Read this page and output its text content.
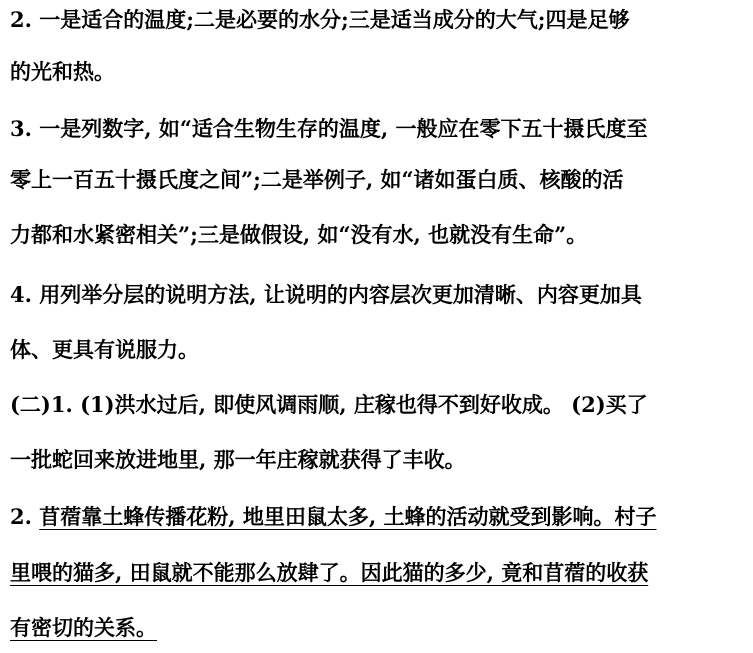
2. 一是适合的温度;二是必要的水分;三是适当成分的大气;四是足够
的光和热。
3. 一是列数字, 如“适合生物生存的温度, 一般应在零下五十摄氏度至
零上一百五十摄氏度之间”;二是举例子, 如“诸如蛋白质、核酸的活
力都和水紧密相关”;三是做假设, 如“没有水, 也就没有生命”。
4. 用列举分层的说明方法, 让说明的内容层次更加清晰、内容更加具
体、更具有说服力。
(二)1. (1)洪水过后, 即使风调雨顺, 庄稼也得不到好收成。 (2)买了
一批蛇回来放进地里, 那一年庄稼就获得了丰收。
2. 苜蓿靠土蜂传播花粉, 地里田鼠太多, 土蜂的活动就受到影响。村子
里喂的猫多, 田鼠就不能那么放肆了。因此猫的多少, 竟和苜蓿的收获
有密切的关系。
